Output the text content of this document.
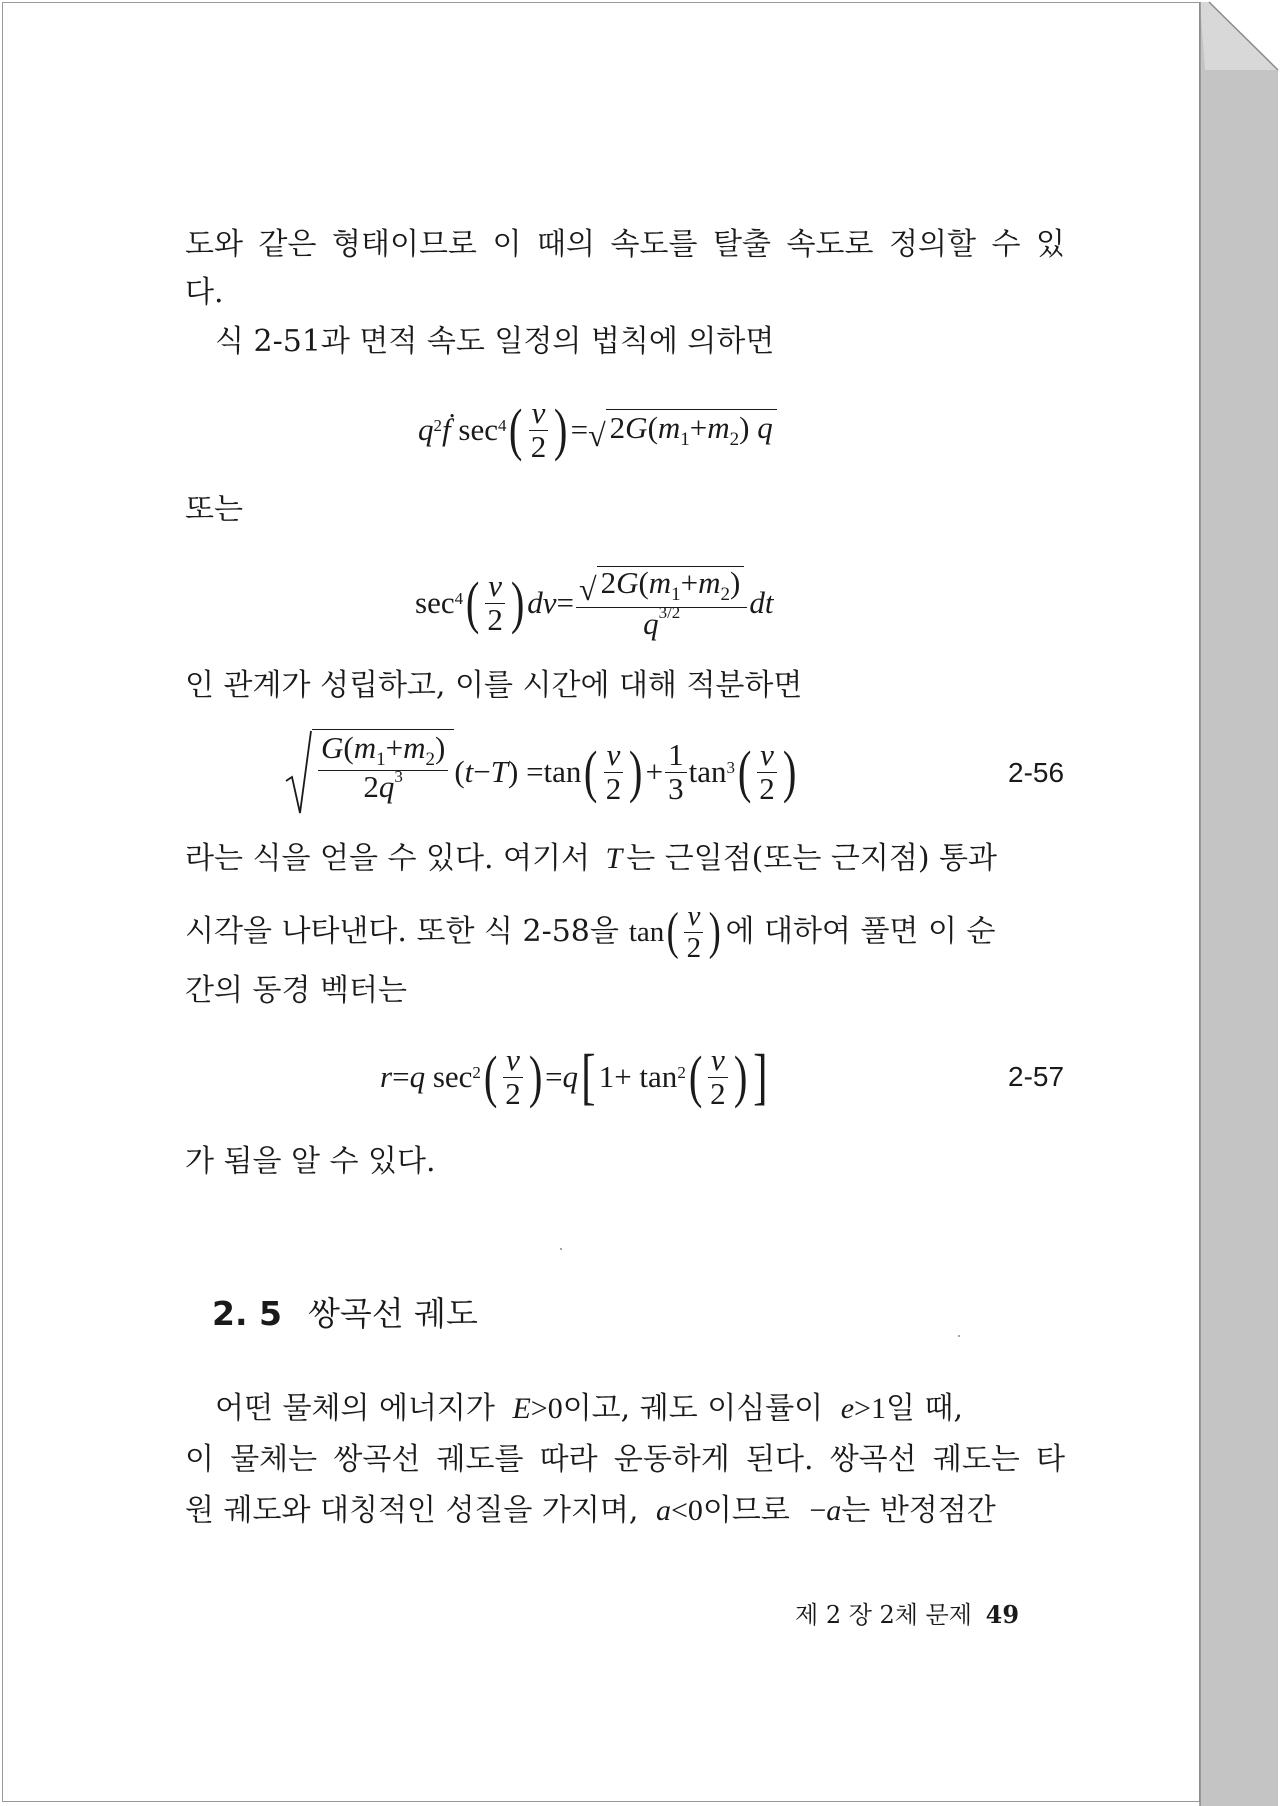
도와 같은 형태이므로 이 때의 속도를 탈출 속도로 정의할 수 있
다.
식 2-51과 면적 속도 일정의 법칙에 의하면
q 2 ḟ sec 4 ( $\frac{\nu}{2}$ ) = √ $2G(m_1+m_2)$ q
또는
sec 4 ( $\frac{\nu}{2}$ ) $d\nu = \frac{√ 2G(m_1+m_2)}{q^{3/2}}$ dt
인 관계가 성립하고, 이를 시간에 대해 적분하면
$\frac{G(m_1+m_2)}{2q^3}$ ( t − T ) =tan ( $\frac{\nu}{2}$ ) + $\frac{1}{3}$ tan 3 ( $\frac{\nu}{2}$ )	2-56
라는 식을 얻을 수 있다. 여기서 T 는 근일점(또는 근지점) 통과
시각을 나타낸다. 또한 식 2-58을 tan ( $\frac{\nu}{2}$ ) 에 대하여 풀면 이 순
간의 동경 벡터는
r = q sec 2 ( $\frac{\nu}{2}$ ) = q [ 1+ tan 2 ( $\frac{\nu}{2}$ ) ]	2-57
가 됨을 알 수 있다.
2. 5 쌍곡선 궤도
어떤 물체의 에너지가 E>0이고, 궤도 이심률이 e>1일 때,
이 물체는 쌍곡선 궤도를 따라 운동하게 된다. 쌍곡선 궤도는 타
원 궤도와 대칭적인 성질을 가지며, a<0이므로 −a는 반정점간
제 2 장 2체 문제 49
